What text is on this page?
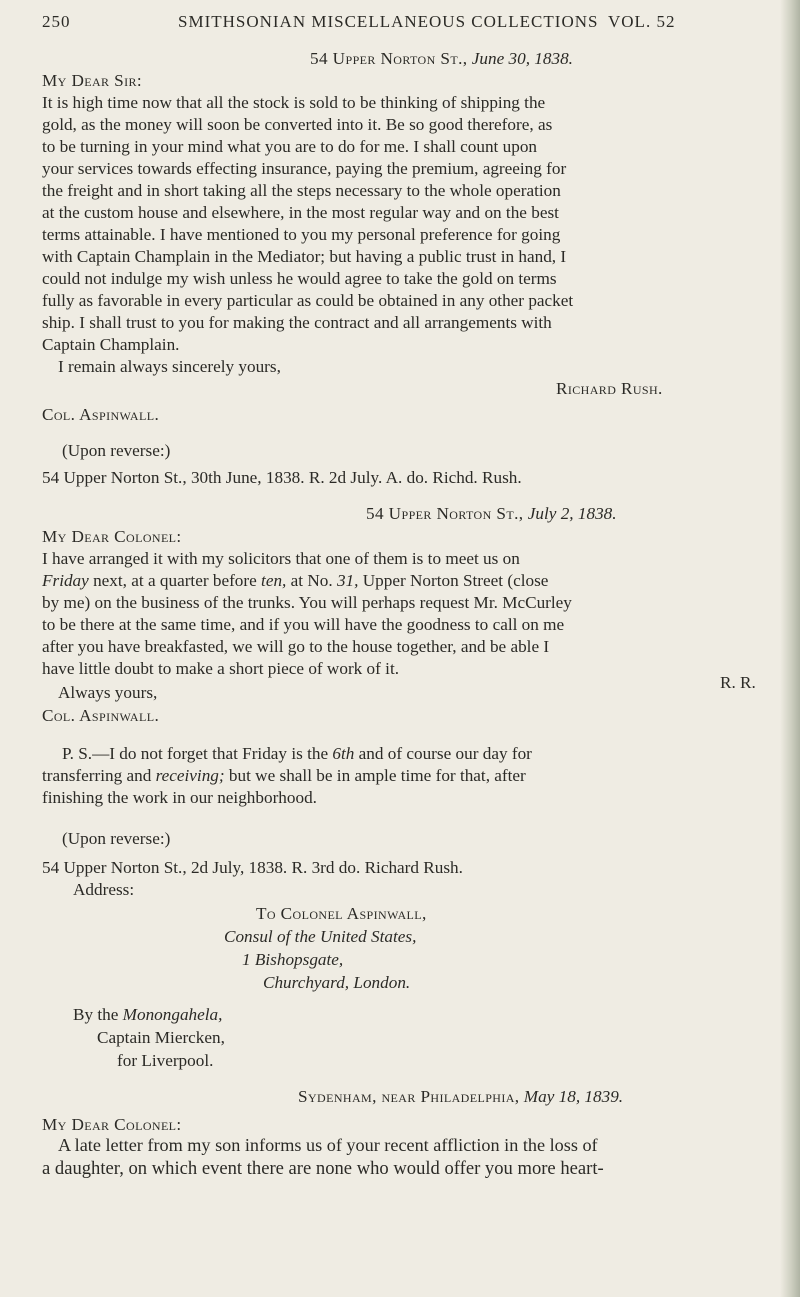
250	SMITHSONIAN MISCELLANEOUS COLLECTIONS VOL. 52
54 Upper Norton St., June 30, 1838.
My Dear Sir:
It is high time now that all the stock is sold to be thinking of shipping the
gold, as the money will soon be converted into it. Be so good therefore, as
to be turning in your mind what you are to do for me. I shall count upon
your services towards effecting insurance, paying the premium, agreeing for
the freight and in short taking all the steps necessary to the whole operation
at the custom house and elsewhere, in the most regular way and on the best
terms attainable. I have mentioned to you my personal preference for going
with Captain Champlain in the Mediator; but having a public trust in hand, I
could not indulge my wish unless he would agree to take the gold on terms
fully as favorable in every particular as could be obtained in any other packet
ship. I shall trust to you for making the contract and all arrangements with
Captain Champlain.
I remain always sincerely yours,
Richard Rush.
Col. Aspinwall.
(Upon reverse:)
54 Upper Norton St., 30th June, 1838. R. 2d July. A. do. Richd. Rush.
54 Upper Norton St., July 2, 1838.
My Dear Colonel:
I have arranged it with my solicitors that one of them is to meet us on
Friday next, at a quarter before ten, at No. 31, Upper Norton Street (close
by me) on the business of the trunks. You will perhaps request Mr. McCurley
to be there at the same time, and if you will have the goodness to call on me
after you have breakfasted, we will go to the house together, and be able I
have little doubt to make a short piece of work of it.
Always yours,
R. R.
Col. Aspinwall.
P. S.—I do not forget that Friday is the 6th and of course our day for
transferring and receiving; but we shall be in ample time for that, after
finishing the work in our neighborhood.
(Upon reverse:)
54 Upper Norton St., 2d July, 1838. R. 3rd do. Richard Rush.
Address:
To Colonel Aspinwall,
Consul of the United States,
1 Bishopsgate,
Churchyard, London.
By the Monongahela,
Captain Miercken,
for Liverpool.
Sydenham, near Philadelphia, May 18, 1839.
My Dear Colonel:
A late letter from my son informs us of your recent affliction in the loss of
a daughter, on which event there are none who would offer you more heart-
